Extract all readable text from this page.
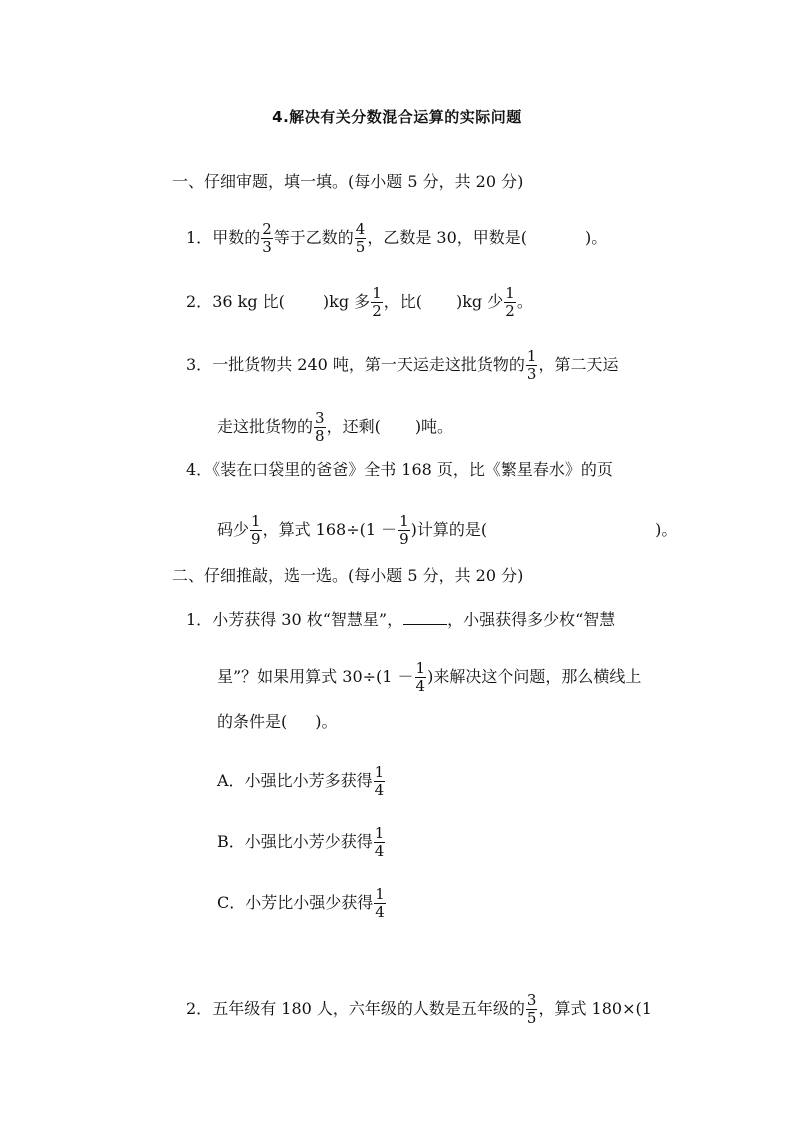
4.解决有关分数混合运算的实际问题
一、仔细审题，填一填。(每小题 5 分，共 20 分)
1．甲数的 $\frac{2}{3}$ 等于乙数的 $\frac{4}{5}$ ，乙数是 30，甲数是(	)。
2．36 kg 比( )kg 多 $\frac{1}{2}$ ，比( )kg 少 $\frac{1}{2}$ 。
3．一批货物共 240 吨，第一天运走这批货物的 $\frac{1}{3}$ ，第二天运
走这批货物的 $\frac{3}{8}$ ，还剩( )吨。
4．《装在口袋里的爸爸》全书 168 页，比《繁星春水》的页
码少 $\frac{1}{9}$ ，算式 $168\div(1 - \frac{1}{9}$ )计算的是(	)。
二、仔细推敲，选一选。(每小题 5 分，共 20 分)
1．小芳获得 30 枚“智慧星”，	，小强获得多少枚“智慧
星”？如果用算式 $30\div(1 - \frac{1}{4}$ )来解决这个问题，那么横线上
的条件是( )。
A．小强比小芳多获得 $\frac{1}{4}$
B．小强比小芳少获得 $\frac{1}{4}$
C．小芳比小强少获得 $\frac{1}{4}$
2．五年级有 180 人，六年级的人数是五年级的 $\frac{3}{5}$ ，算式 180×(1
